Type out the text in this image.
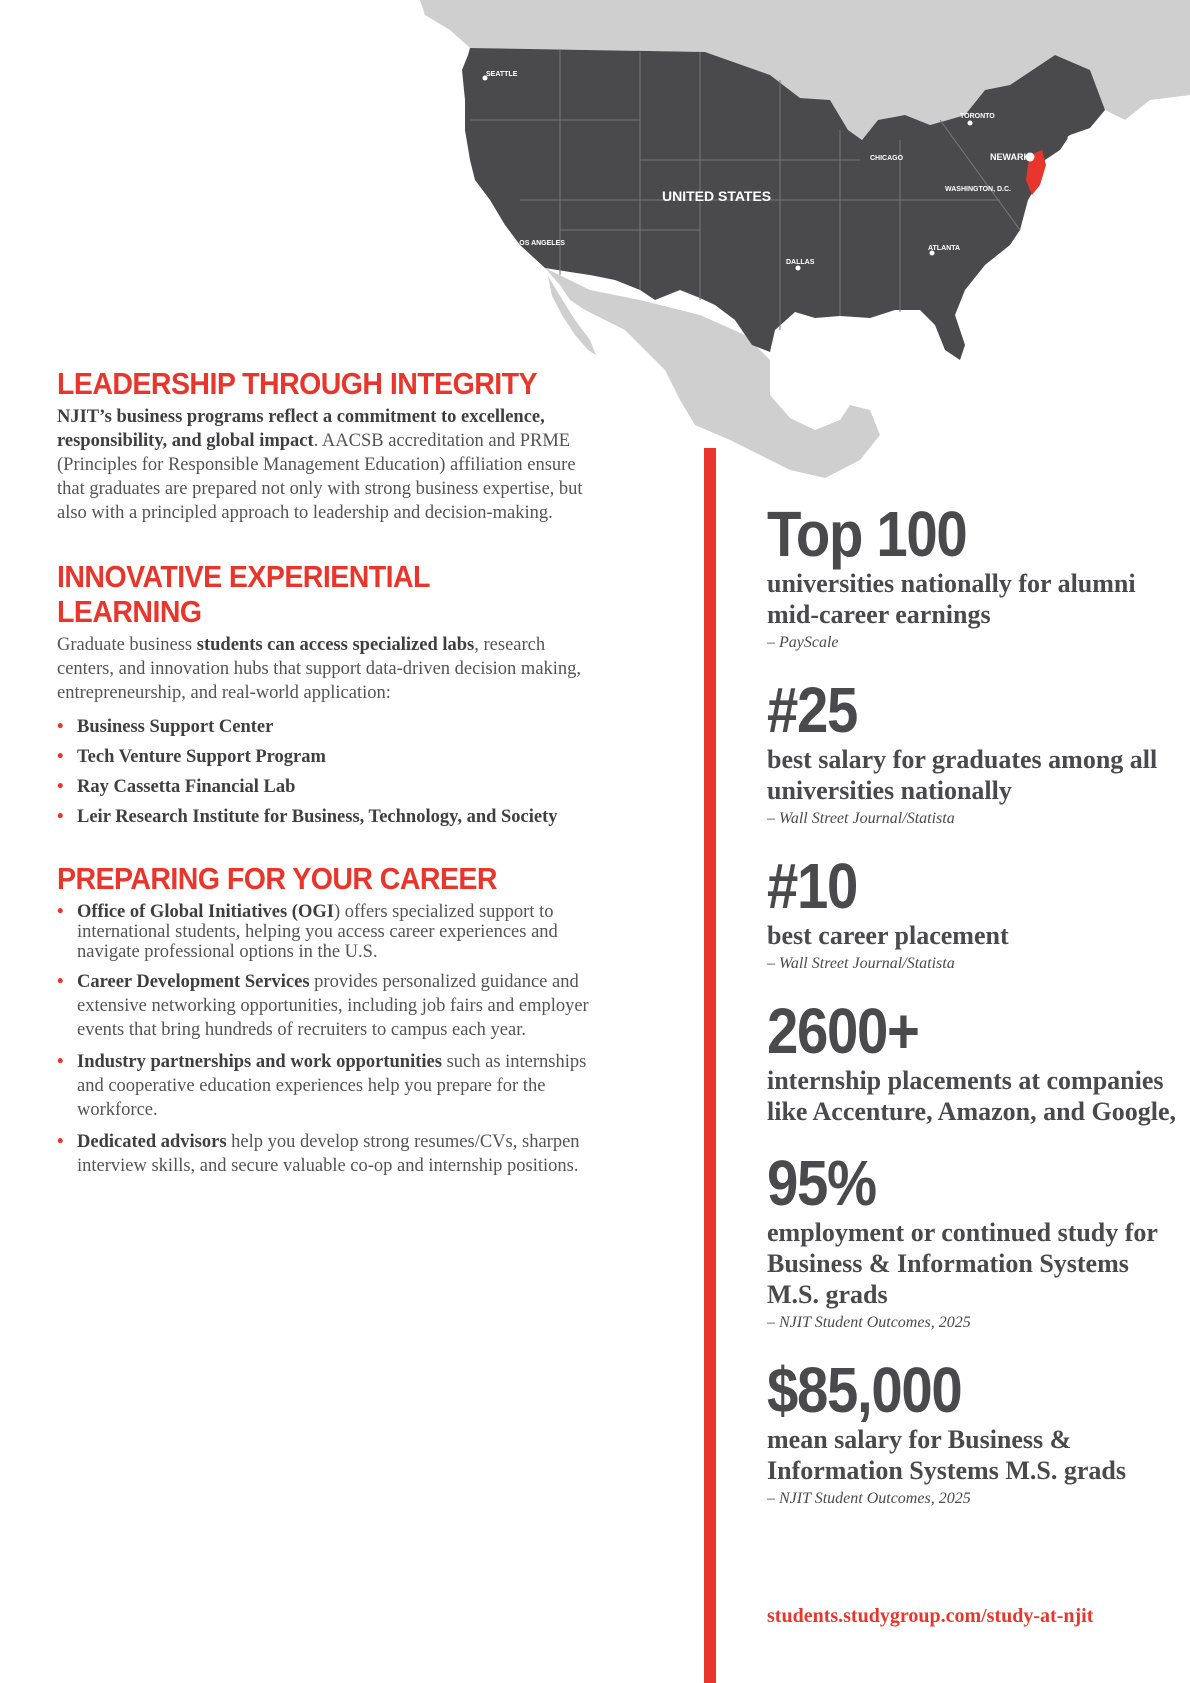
SEATTLE
SAN FRANCISCO
LOS ANGELES
DALLAS
CHICAGO
TORONTO
NEWARK
BOSTON
NEW YORK
WASHINGTON, D.C.
ATLANTA
UNITED STATES
LEADERSHIP THROUGH INTEGRITY

NJIT’s business programs reflect a commitment to excellence, responsibility, and global impact. AACSB accreditation and PRME (Principles for Responsible Management Education) affiliation ensure that graduates are prepared not only with strong business expertise, but also with a principled approach to leadership and decision-making.

INNOVATIVE EXPERIENTIAL
LEARNING

Graduate business students can access specialized labs, research centers, and innovation hubs that support data-driven decision making, entrepreneurship, and real-world application:

• Business Support Center
• Tech Venture Support Program
• Ray Cassetta Financial Lab
• Leir Research Institute for Business, Technology, and Society
PREPARING FOR YOUR CAREER
• Office of Global Initiatives (OGI) offers specialized support to international students, helping you access career experiences and navigate professional options in the U.S.
• Career Development Services provides personalized guidance and extensive networking opportunities, including job fairs and employer events that bring hundreds of recruiters to campus each year.
• Industry partnerships and work opportunities such as internships and cooperative education experiences help you prepare for the workforce.
• Dedicated advisors help you develop strong resumes/CVs, sharpen interview skills, and secure valuable co-op and internship positions.
Top 100
universities nationally for alumni mid-career earnings
– PayScale
#25
best salary for graduates among all universities nationally
– Wall Street Journal/Statista
#10
best career placement
– Wall Street Journal/Statista
2600+
internship placements at companies like Accenture, Amazon, and Google,
95%
employment or continued study for Business & Information Systems M.S. grads
– NJIT Student Outcomes, 2025
$85,000
mean salary for Business & Information Systems M.S. grads
– NJIT Student Outcomes, 2025
students.studygroup.com/study-at-njit
